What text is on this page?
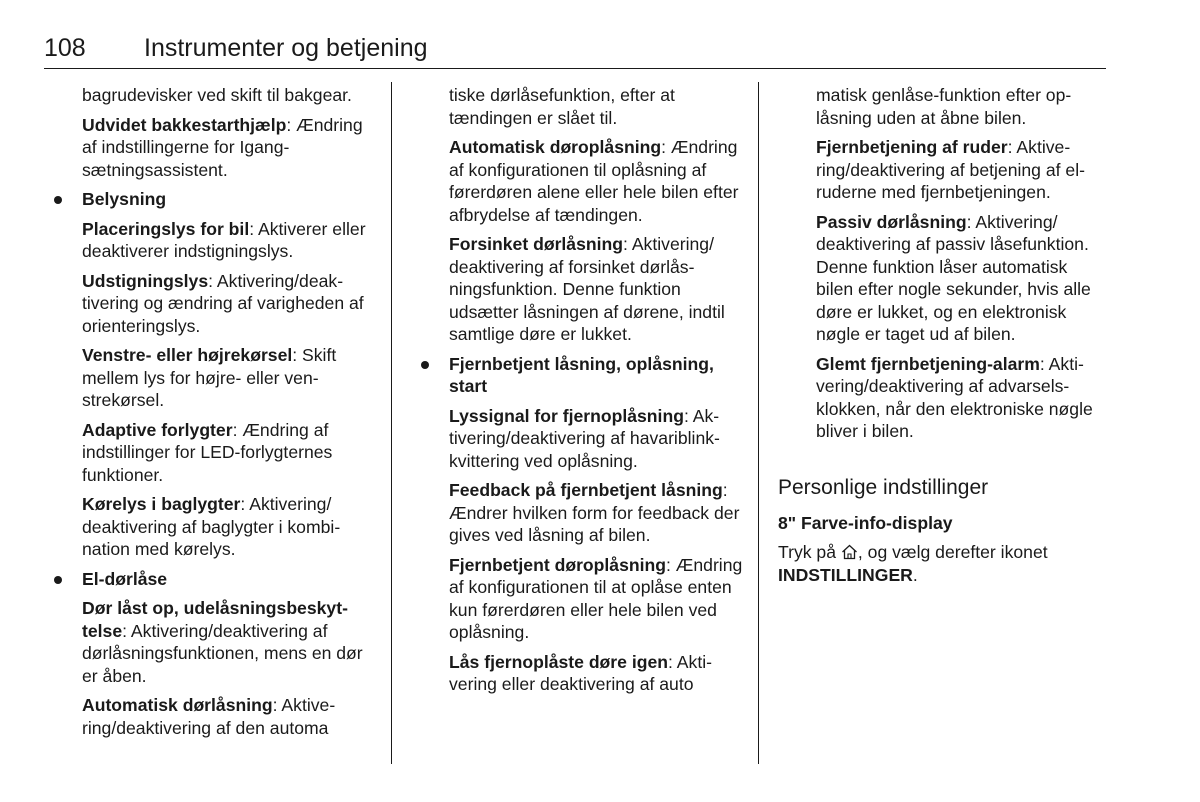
108 Instrumenter og betjening

bagrudevisker ved skift til bakgear.

Udvidet bakkestarthjælp: Ændring af indstillingerne for Igangsætningsassistent.

Belysning

Placeringslys for bil: Aktiverer eller deaktiverer indstigningslys.

Udstigningslys: Aktivering/deaktivering og ændring af varigheden af orienteringslys.

Venstre- eller højrekørsel: Skift mellem lys for højre- eller venstrekørsel.

Adaptive forlygter: Ændring af indstillinger for LED-forlygternes funktioner.

Kørelys i baglygter: Aktivering/ deaktivering af baglygter i kombination med kørelys.

El-dørlåse

Dør låst op, udelåsningsbeskyttelse: Aktivering/deaktivering af dørlåsningsfunktionen, mens en dør er åben.

Automatisk dørlåsning: Aktivering/deaktivering af den automa

tiske dørlåsefunktion, efter at tændingen er slået til.

Automatisk døroplåsning: Ændring af konfigurationen til oplåsning af førerdøren alene eller hele bilen efter afbrydelse af tændingen.

Forsinket dørlåsning: Aktivering/ deaktivering af forsinket dørlåsningsfunktion. Denne funktion udsætter låsningen af dørene, indtil samtlige døre er lukket.

Fjernbetjent låsning, oplåsning, start

Lyssignal for fjernoplåsning: Aktivering/deaktivering af havariblink-kvittering ved oplåsning.

Feedback på fjernbetjent låsning: Ændrer hvilken form for feedback der gives ved låsning af bilen.

Fjernbetjent døroplåsning: Ændring af konfigurationen til at oplåse enten kun førerdøren eller hele bilen ved oplåsning.

Lås fjernoplåste døre igen: Aktivering eller deaktivering af auto

matisk genlåse-funktion efter oplåsning uden at åbne bilen.

Fjernbetjening af ruder: Aktivering/deaktivering af betjening af el-ruderne med fjernbetjeningen.

Passiv dørlåsning: Aktivering/ deaktivering af passiv låsefunktion. Denne funktion låser automatisk bilen efter nogle sekunder, hvis alle døre er lukket, og en elektronisk nøgle er taget ud af bilen.

Glemt fjernbetjening-alarm: Aktivering/deaktivering af advarselsklokken, når den elektroniske nøgle bliver i bilen.

Personlige indstillinger
8" Farve-info-display
Tryk på , og vælg derefter ikonet INDSTILLINGER.
